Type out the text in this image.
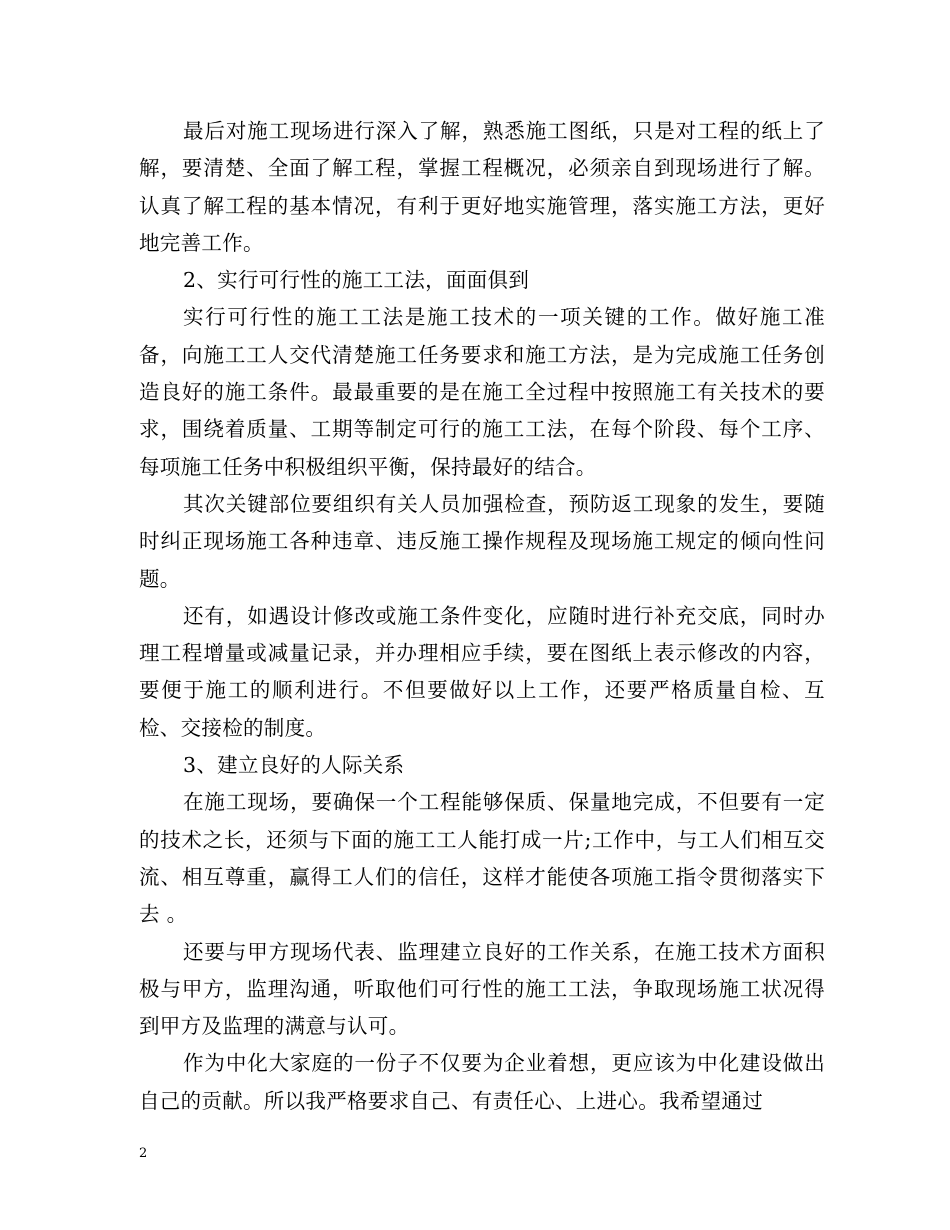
最后对施工现场进行深入了解，熟悉施工图纸，只是对工程的纸上了解，要清楚、全面了解工程，掌握工程概况，必须亲自到现场进行了解。认真了解工程的基本情况，有利于更好地实施管理，落实施工方法，更好地完善工作。

2、实行可行性的施工工法，面面俱到

实行可行性的施工工法是施工技术的一项关键的工作。做好施工准备，向施工工人交代清楚施工任务要求和施工方法，是为完成施工任务创造良好的施工条件。最最重要的是在施工全过程中按照施工有关技术的要求，围绕着质量、工期等制定可行的施工工法，在每个阶段、每个工序、每项施工任务中积极组织平衡，保持最好的结合。

其次关键部位要组织有关人员加强检查，预防返工现象的发生，要随时纠正现场施工各种违章、违反施工操作规程及现场施工规定的倾向性问题。

还有，如遇设计修改或施工条件变化，应随时进行补充交底，同时办理工程增量或减量记录，并办理相应手续，要在图纸上表示修改的内容，要便于施工的顺利进行。不但要做好以上工作，还要严格质量自检、互检、交接检的制度。

3、建立良好的人际关系

在施工现场，要确保一个工程能够保质、保量地完成，不但要有一定的技术之长，还须与下面的施工工人能打成一片;工作中，与工人们相互交流、相互尊重，赢得工人们的信任，这样才能使各项施工指令贯彻落实下去 。

还要与甲方现场代表、监理建立良好的工作关系，在施工技术方面积极与甲方，监理沟通，听取他们可行性的施工工法，争取现场施工状况得到甲方及监理的满意与认可。

作为中化大家庭的一份子不仅要为企业着想，更应该为中化建设做出自己的贡献。所以我严格要求自己、有责任心、上进心。我希望通过

2
